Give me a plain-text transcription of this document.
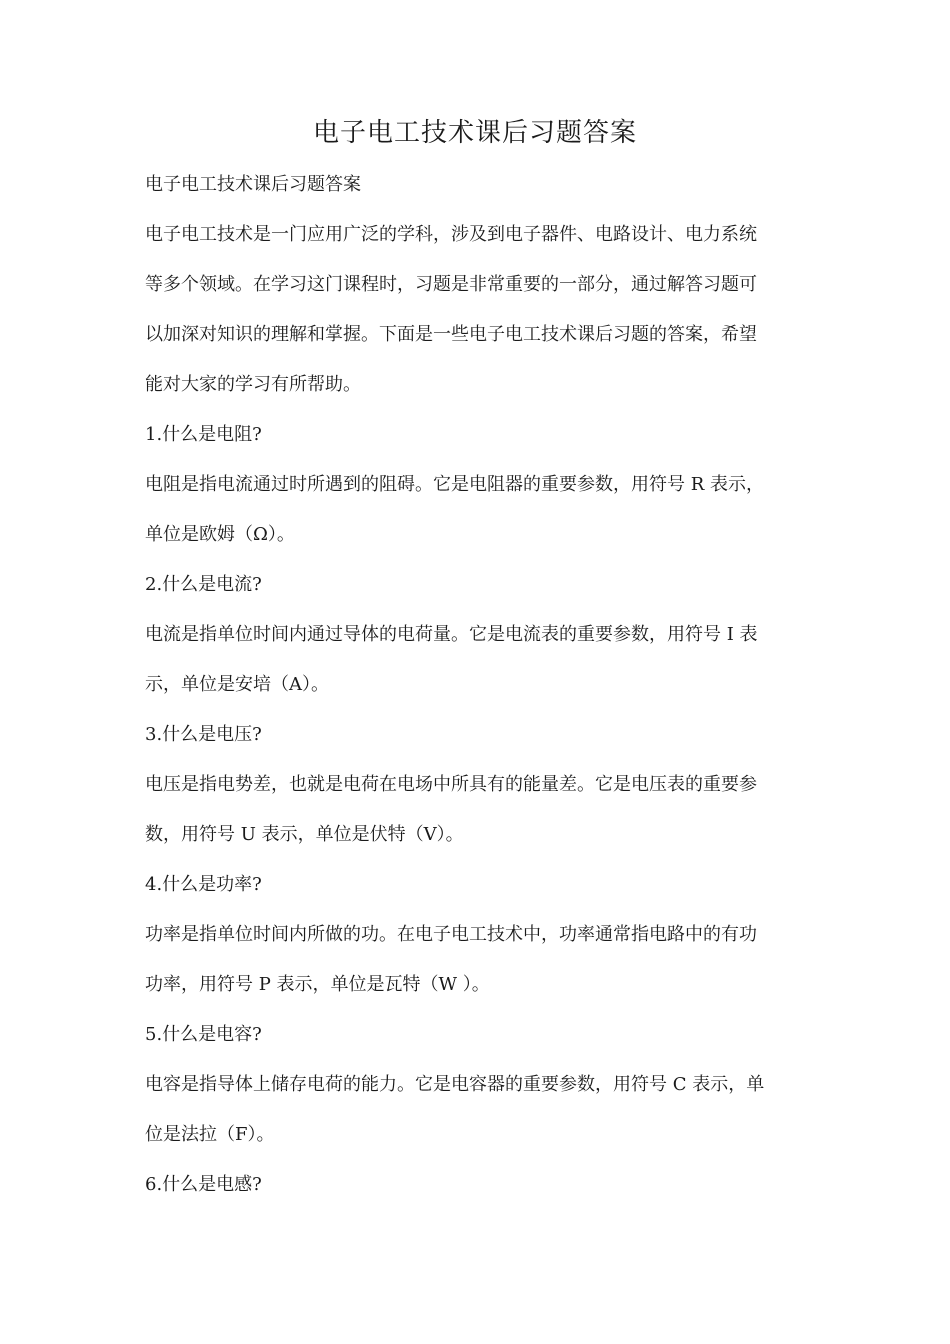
电子电工技术课后习题答案
电子电工技术课后习题答案
电子电工技术是一门应用广泛的学科，涉及到电子器件、电路设计、电力系统
等多个领域。在学习这门课程时，习题是非常重要的一部分，通过解答习题可
以加深对知识的理解和掌握。下面是一些电子电工技术课后习题的答案，希望
能对大家的学习有所帮助。
1.什么是电阻?
电阻是指电流通过时所遇到的阻碍。它是电阻器的重要参数，用符号 R 表示，
单位是欧姆（Ω）。
2.什么是电流?
电流是指单位时间内通过导体的电荷量。它是电流表的重要参数，用符号 I 表
示，单位是安培（A）。
3.什么是电压?
电压是指电势差，也就是电荷在电场中所具有的能量差。它是电压表的重要参
数，用符号 U 表示，单位是伏特（V）。
4.什么是功率?
功率是指单位时间内所做的功。在电子电工技术中，功率通常指电路中的有功
功率，用符号 P 表示，单位是瓦特（W ）。
5.什么是电容?
电容是指导体上储存电荷的能力。它是电容器的重要参数，用符号 C 表示，单
位是法拉（F）。
6.什么是电感?
